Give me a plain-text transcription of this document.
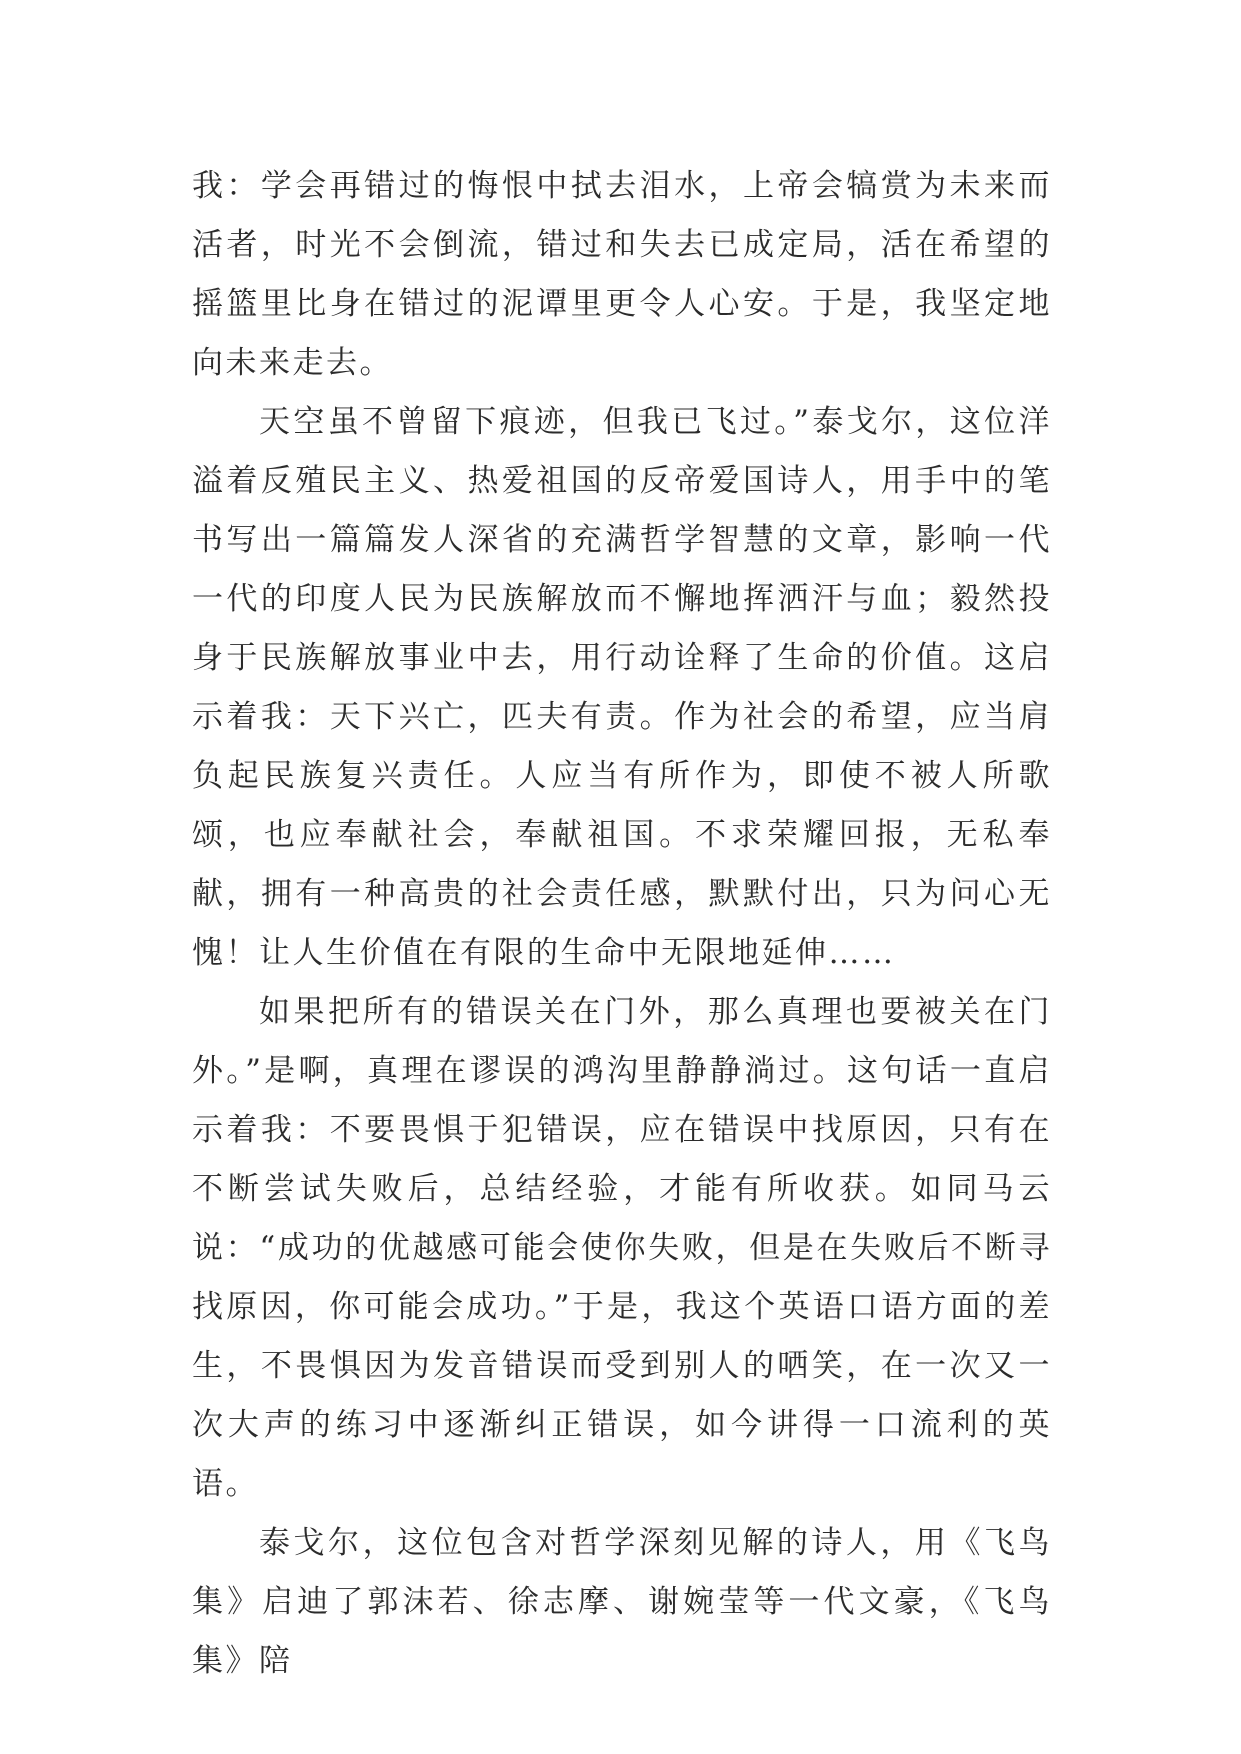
我：学会再错过的悔恨中拭去泪水，上帝会犒赏为未来而活者，时光不会倒流，错过和失去已成定局，活在希望的摇篮里比身在错过的泥谭里更令人心安。于是，我坚定地向未来走去。

天空虽不曾留下痕迹，但我已飞过。”泰戈尔，这位洋溢着反殖民主义、热爱祖国的反帝爱国诗人，用手中的笔书写出一篇篇发人深省的充满哲学智慧的文章，影响一代一代的印度人民为民族解放而不懈地挥洒汗与血；毅然投身于民族解放事业中去，用行动诠释了生命的价值。这启示着我：天下兴亡，匹夫有责。作为社会的希望，应当肩负起民族复兴责任。人应当有所作为，即使不被人所歌颂，也应奉献社会，奉献祖国。不求荣耀回报，无私奉献，拥有一种高贵的社会责任感，默默付出，只为问心无愧！让人生价值在有限的生命中无限地延伸……

如果把所有的错误关在门外，那么真理也要被关在门外。”是啊，真理在谬误的鸿沟里静静淌过。这句话一直启示着我：不要畏惧于犯错误，应在错误中找原因，只有在不断尝试失败后，总结经验，才能有所收获。如同马云说：“成功的优越感可能会使你失败，但是在失败后不断寻找原因，你可能会成功。”于是，我这个英语口语方面的差生，不畏惧因为发音错误而受到别人的哂笑，在一次又一次大声的练习中逐渐纠正错误，如今讲得一口流利的英语。

泰戈尔，这位包含对哲学深刻见解的诗人，用《飞鸟集》启迪了郭沫若、徐志摩、谢婉莹等一代文豪，《飞鸟集》陪
